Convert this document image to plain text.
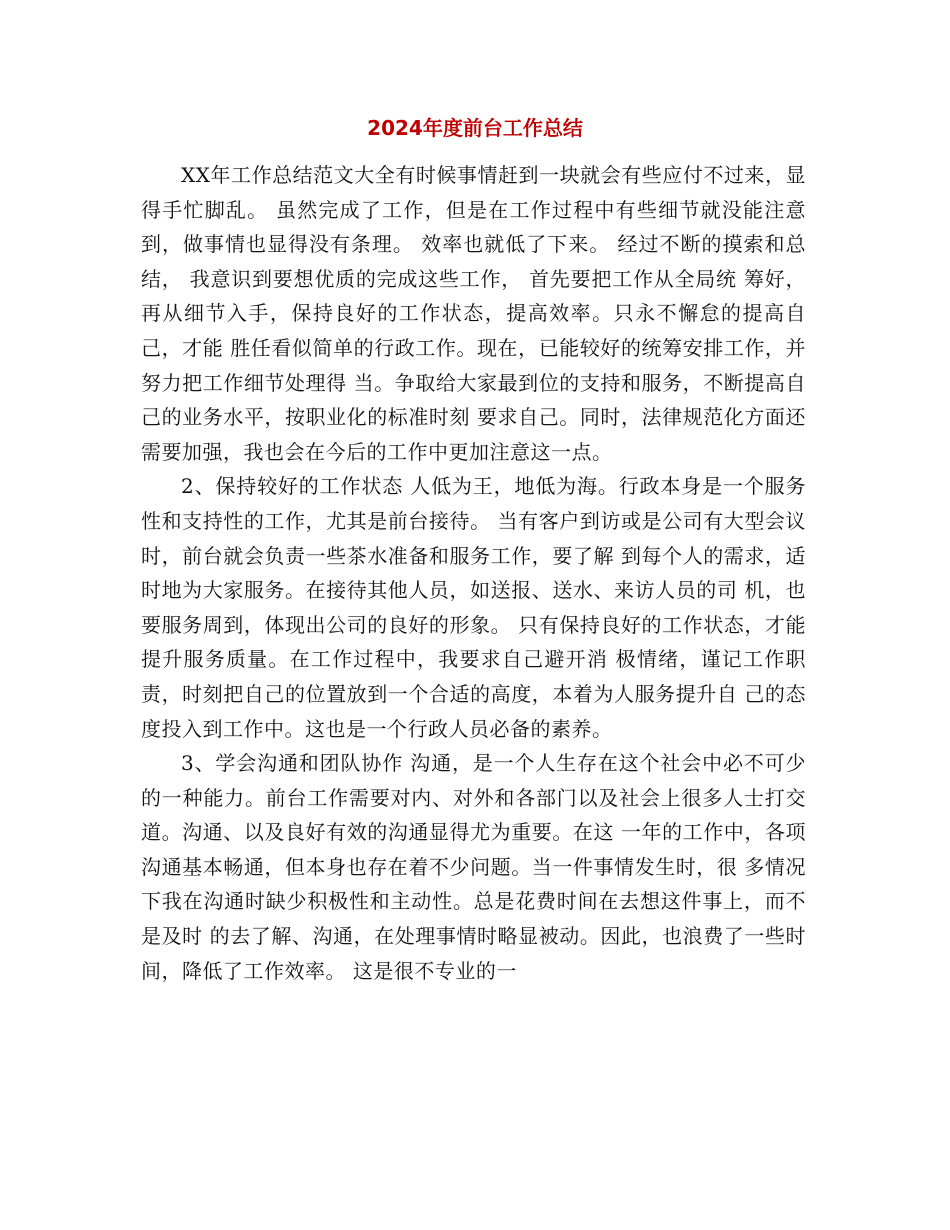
2024年度前台工作总结

XX年工作总结范文大全有时候事情赶到一块就会有些应付不过来，显得手忙脚乱。 虽然完成了工作，但是在工作过程中有些细节就没能注意到，做事情也显得没有条理。 效率也就低了下来。 经过不断的摸索和总结， 我意识到要想优质的完成这些工作， 首先要把工作从全局统 筹好，再从细节入手，保持良好的工作状态，提高效率。只永不懈怠的提高自己，才能 胜任看似简单的行政工作。现在，已能较好的统筹安排工作，并努力把工作细节处理得 当。争取给大家最到位的支持和服务，不断提高自己的业务水平，按职业化的标准时刻 要求自己。同时，法律规范化方面还需要加强，我也会在今后的工作中更加注意这一点。

2、保持较好的工作状态 人低为王，地低为海。行政本身是一个服务性和支持性的工作，尤其是前台接待。 当有客户到访或是公司有大型会议时，前台就会负责一些茶水准备和服务工作，要了解 到每个人的需求，适时地为大家服务。在接待其他人员，如送报、送水、来访人员的司 机，也要服务周到，体现出公司的良好的形象。 只有保持良好的工作状态，才能提升服务质量。在工作过程中，我要求自己避开消 极情绪，谨记工作职责，时刻把自己的位置放到一个合适的高度，本着为人服务提升自 己的态度投入到工作中。这也是一个行政人员必备的素养。

3、学会沟通和团队协作 沟通，是一个人生存在这个社会中必不可少的一种能力。前台工作需要对内、对外和各部门以及社会上很多人士打交道。沟通、以及良好有效的沟通显得尤为重要。在这 一年的工作中，各项沟通基本畅通，但本身也存在着不少问题。当一件事情发生时，很 多情况下我在沟通时缺少积极性和主动性。总是花费时间在去想这件事上，而不是及时 的去了解、沟通，在处理事情时略显被动。因此，也浪费了一些时间，降低了工作效率。 这是很不专业的一
